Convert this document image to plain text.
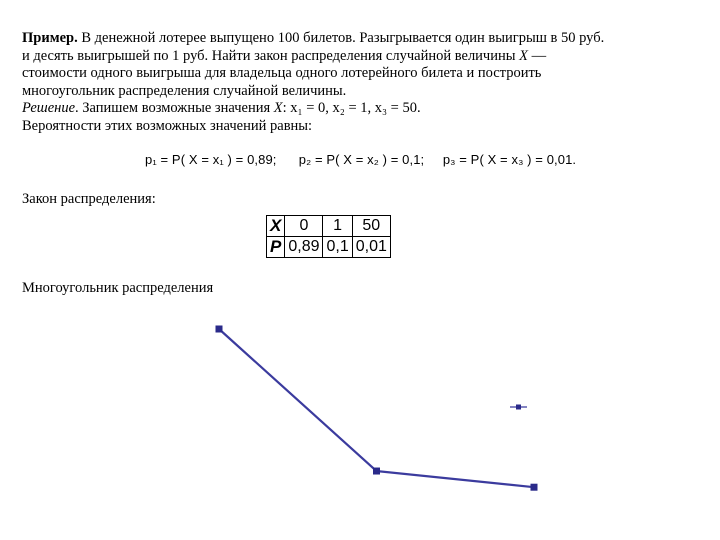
Пример. В денежной лотерее выпущено 100 билетов. Разыгрывается один выигрыш в 50 руб.
и десять выигрышей по 1 руб. Найти закон распределения случайной величины X —
стоимости одного выигрыша для владельца одного лотерейного билета и построить
многоугольник распределения случайной величины.
Решение. Запишем возможные значения X: x₁ = 0, x₂ = 1, x₃ = 50.
Вероятности этих возможных значений равны:
p₁ = P( X = x₁ ) = 0,89; p₂ = P( X = x₂ ) = 0,1; p₃ = P( X = x₃ ) = 0,01.
Закон распределения:
X	0	1	50
P	0,89	0,1	0,01
Многоугольник распределения
